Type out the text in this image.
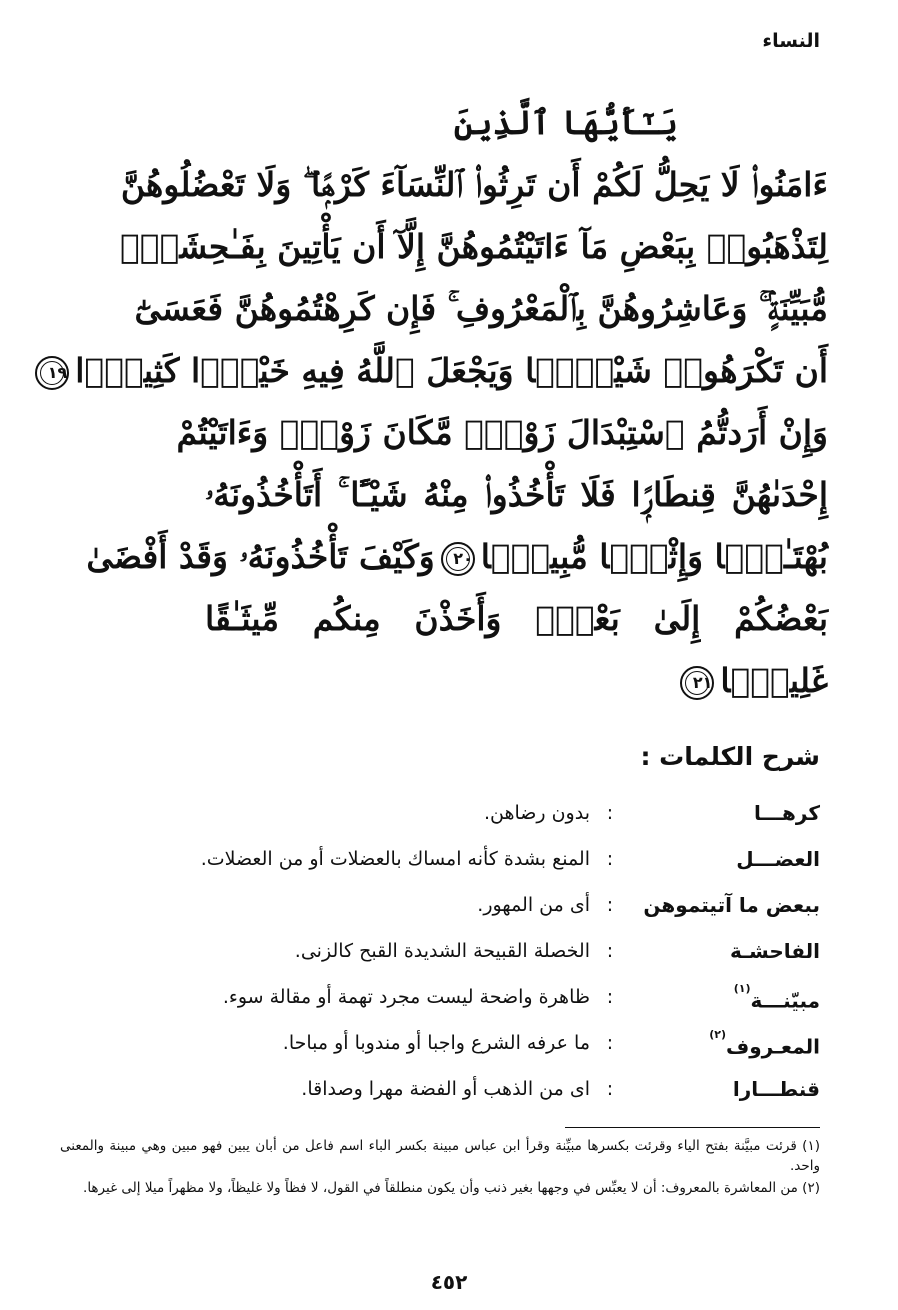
النساء
يَـٰٓأَيُّهَا ٱلَّذِينَ
ءَامَنُوا۟ لَا يَحِلُّ لَكُمْ أَن تَرِثُوا۟ ٱلنِّسَآءَ كَرْهًۭا ۖ وَلَا تَعْضُلُوهُنَّ
لِتَذْهَبُوا۟ بِبَعْضِ مَآ ءَاتَيْتُمُوهُنَّ إِلَّآ أَن يَأْتِينَ بِفَـٰحِشَةٍۢ
مُّبَيِّنَةٍۢ ۚ وَعَاشِرُوهُنَّ بِٱلْمَعْرُوفِ ۚ فَإِن كَرِهْتُمُوهُنَّ فَعَسَىٰٓ
أَن تَكْرَهُوا۟ شَيْـًۭٔا وَيَجْعَلَ ٱللَّهُ فِيهِ خَيْرًۭا كَثِيرًۭا١٩
وَإِنْ أَرَدتُّمُ ٱسْتِبْدَالَ زَوْجٍۢ مَّكَانَ زَوْجٍۢ وَءَاتَيْتُمْ
إِحْدَىٰهُنَّ قِنطَارًۭا فَلَا تَأْخُذُوا۟ مِنْهُ شَيْـًٔا ۚ أَتَأْخُذُونَهُۥ
بُهْتَـٰنًۭا وَإِثْمًۭا مُّبِينًۭا٢٠وَكَيْفَ تَأْخُذُونَهُۥ وَقَدْ أَفْضَىٰ
بَعْضُكُمْ إِلَىٰ بَعْضٍۢ وَأَخَذْنَ مِنكُم مِّيثَـٰقًا
غَلِيظًۭا٢١
شرح الكلمات :
كرهـــا
:
بدون رضاهن.
العضـــل
:
المنع بشدة كأنه امساك بالعضلات أو من العضلات.
ببعض ما آتيتموهن
:
أى من المهور.
الفاحشـة
:
الخصلة القبيحة الشديدة القبح كالزنى.
مبيّنـــة$^{(١)}$
:
ظاهرة واضحة ليست مجرد تهمة أو مقالة سوء.
المعـروف$^{(٢)}$
:
ما عرفه الشرع واجبا أو مندوبا أو مباحا.
قنطـــارا
:
اى من الذهب أو الفضة مهرا وصداقا.
(١) قرئت مبيَّنة بفتح الياء وقرئت بكسرها مبيِّنة وقرأ ابن عباس مبينة بكسر الباء اسم فاعل من أبان يبين فهو مبين وهي مبينة والمعنى واحد.
(٢) من المعاشرة بالمعروف: أن لا يعبِّس في وجهها بغير ذنب وأن يكون منطلقاً في القول، لا فظاً ولا غليظاً، ولا مظهراً ميلا إلى غيرها.
٤٥٢
